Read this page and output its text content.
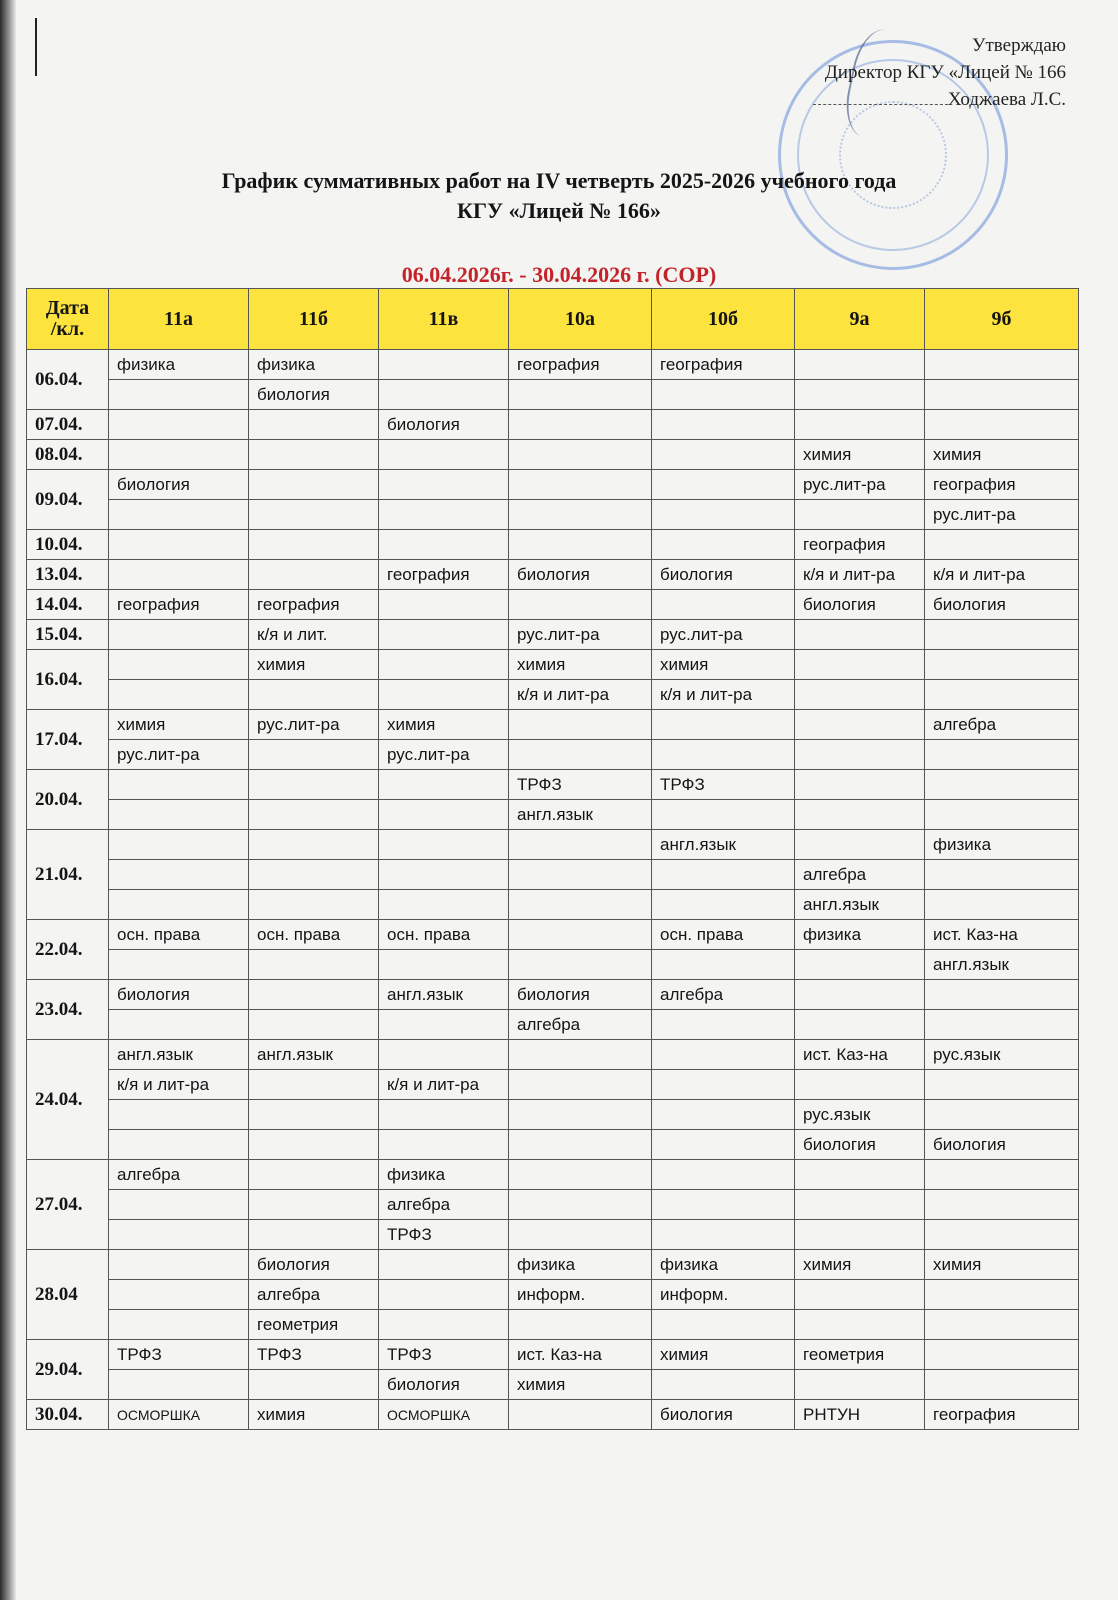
Утверждаю
Директор КГУ «Лицей № 166
Ходжаева Л.С.
График суммативных работ на IV четверть 2025-2026 учебного года
КГУ «Лицей № 166»
06.04.2026г. - 30.04.2026 г. (СОР)
Дата
/кл.	11а	11б	11в	10а	10б	9а	9б
06.04.	физика	физика		география	география		
		биология					
07.04.			биология				
08.04.						химия	химия
09.04.	биология					рус.лит-ра	география
							рус.лит-ра
10.04.						география	
13.04.			география	биология	биология	к/я и лит-ра	к/я и лит-ра
14.04.	география	география				биология	биология
15.04.		к/я и лит.		рус.лит-ра	рус.лит-ра		
16.04.		химия		химия	химия		
				к/я и лит-ра	к/я и лит-ра		
17.04.	химия	рус.лит-ра	химия				алгебра
	рус.лит-ра		рус.лит-ра				
20.04.				ТРФЗ	ТРФЗ		
				англ.язык			
21.04.					англ.язык		физика
						алгебра	
						англ.язык	
22.04.	осн. права	осн. права	осн. права		осн. права	физика	ист. Каз-на
							англ.язык
23.04.	биология		англ.язык	биология	алгебра		
				алгебра			
24.04.	англ.язык	англ.язык				ист. Каз-на	рус.язык
	к/я и лит-ра		к/я и лит-ра				
						рус.язык	
						биология	биология
27.04.	алгебра		физика				
			алгебра				
			ТРФЗ				
28.04		биология		физика	физика	химия	химия
		алгебра		информ.	информ.		
		геометрия					
29.04.	ТРФЗ	ТРФЗ	ТРФЗ	ист. Каз-на	химия	геометрия	
			биология	химия			
30.04.	ОСМОРШКА	химия	ОСМОРШКА		биология	РНТУН	география
